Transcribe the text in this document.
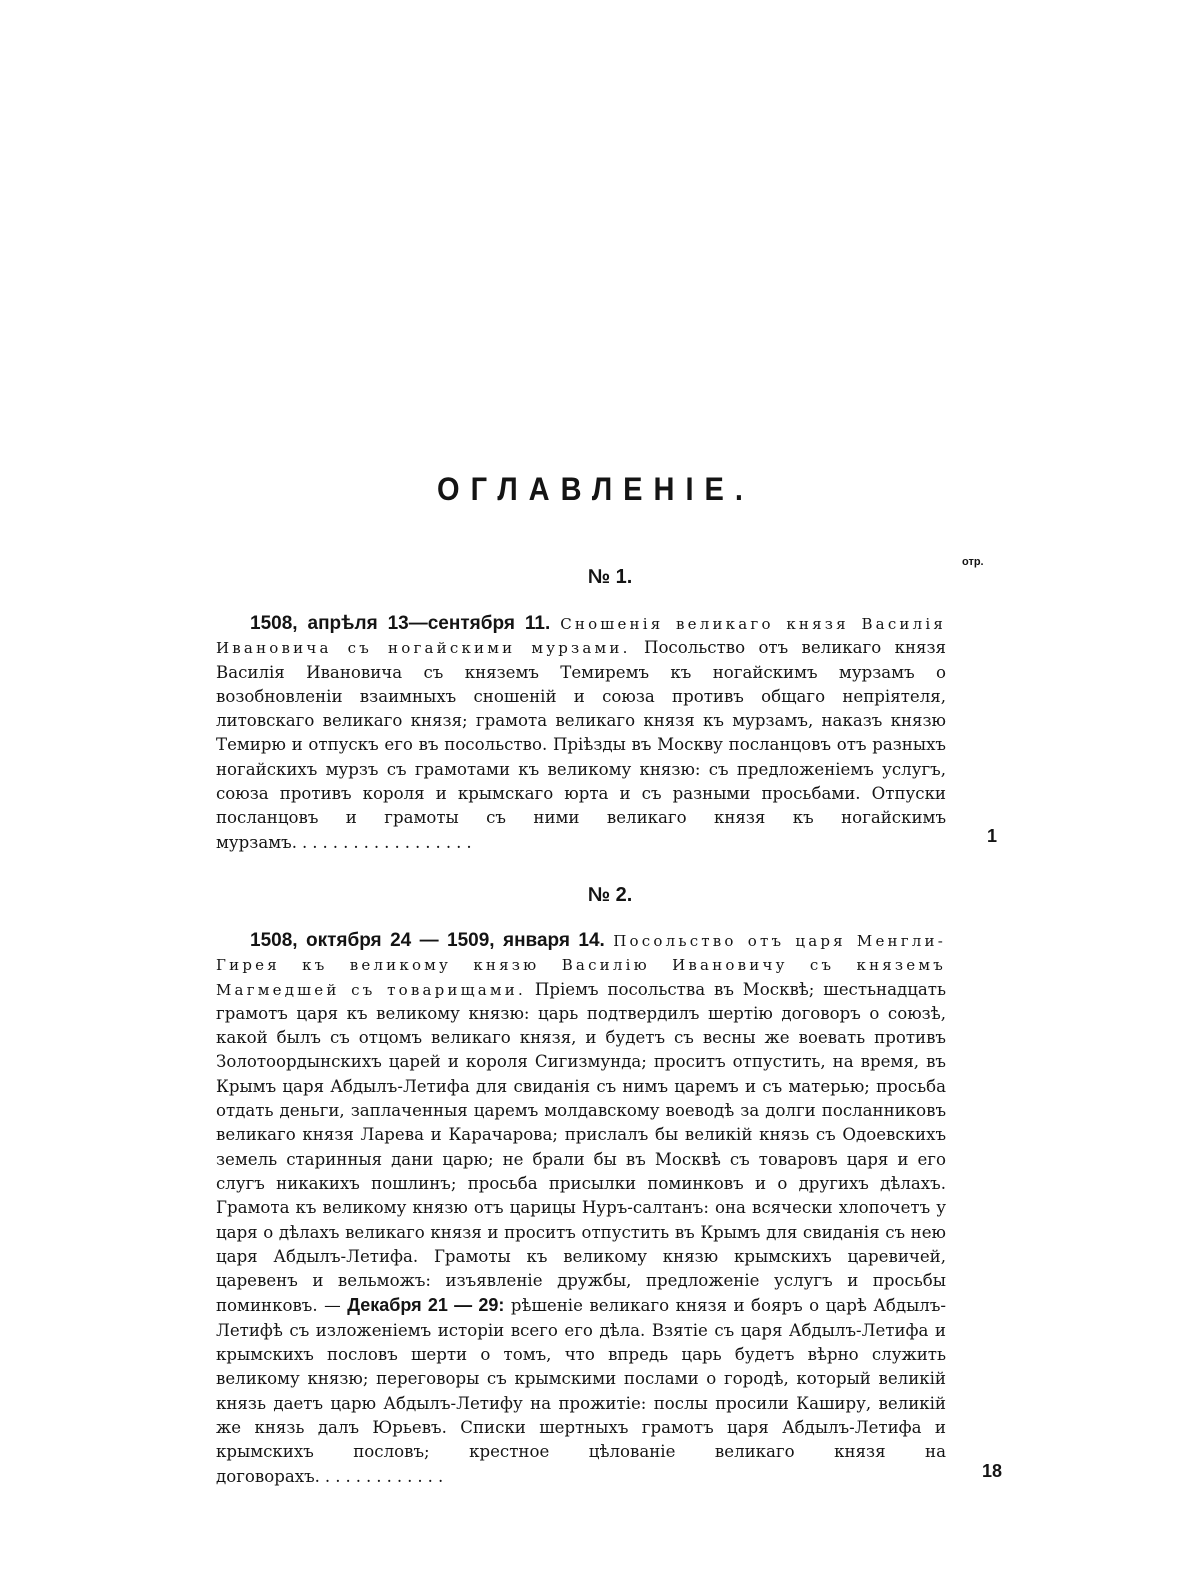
ОГЛАВЛЕНІЕ.
отр.
№ 1.
1508, апрѣля 13—сентября 11. Сношенія великаго князя Василія Ивановича съ ногайскими мурзами. Посольство отъ великаго князя Василія Ивановича съ княземъ Темиремъ къ ногайскимъ мурзамъ о возобновленіи взаимныхъ сношеній и союза противъ общаго непріятеля, литовскаго великаго князя; грамота великаго князя къ мурзамъ, наказъ князю Темирю и отпускъ его въ посольство. Пріѣзды въ Москву посланцовъ отъ разныхъ ногайскихъ мурзъ съ грамотами къ великому князю: съ предложеніемъ услугъ, союза противъ короля и крымскаго юрта и съ разными просьбами. Отпуски посланцовъ и грамоты съ ними великаго князя къ ногайскимъ мурзамъ..................	1
№ 2.
1508, октября 24 — 1509, января 14. Посольство отъ царя Менгли-Гирея къ великому князю Василію Ивановичу съ княземъ Магмедшей съ товарищами. Пріемъ посольства въ Москвѣ; шестьнадцать грамотъ царя къ великому князю: царь подтвердилъ шертію договоръ о союзѣ, какой былъ съ отцомъ великаго князя, и будетъ съ весны же воевать противъ Золотоордынскихъ царей и короля Сигизмунда; проситъ отпустить, на время, въ Крымъ царя Абдылъ-Летифа для свиданія съ нимъ царемъ и съ матерью; просьба отдать деньги, заплаченныя царемъ молдавскому воеводѣ за долги посланниковъ великаго князя Ларева и Карачарова; прислалъ бы великій князь съ Одоевскихъ земель старинныя дани царю; не брали бы въ Москвѣ съ товаровъ царя и его слугъ никакихъ пошлинъ; просьба присылки поминковъ и о другихъ дѣлахъ. Грамота къ великому князю отъ царицы Нуръ-салтанъ: она всячески хлопочетъ у царя о дѣлахъ великаго князя и проситъ отпустить въ Крымъ для свиданія съ нею царя Абдылъ-Летифа. Грамоты къ великому князю крымскихъ царевичей, царевенъ и вельможъ: изъявленіе дружбы, предложеніе услугъ и просьбы поминковъ. — Декабря 21 — 29: рѣшеніе великаго князя и бояръ о царѣ Абдылъ-Летифѣ съ изложеніемъ исторіи всего его дѣла. Взятіе съ царя Абдылъ-Летифа и крымскихъ пословъ шерти о томъ, что впредь царь будетъ вѣрно служить великому князю; переговоры съ крымскими послами о городѣ, который великій князь даетъ царю Абдылъ-Летифу на прожитіе: послы просили Каширу, великій же князь далъ Юрьевъ. Списки шертныхъ грамотъ царя Абдылъ-Летифа и крымскихъ пословъ; крестное цѣлованіе великаго князя на договорахъ.............	18
